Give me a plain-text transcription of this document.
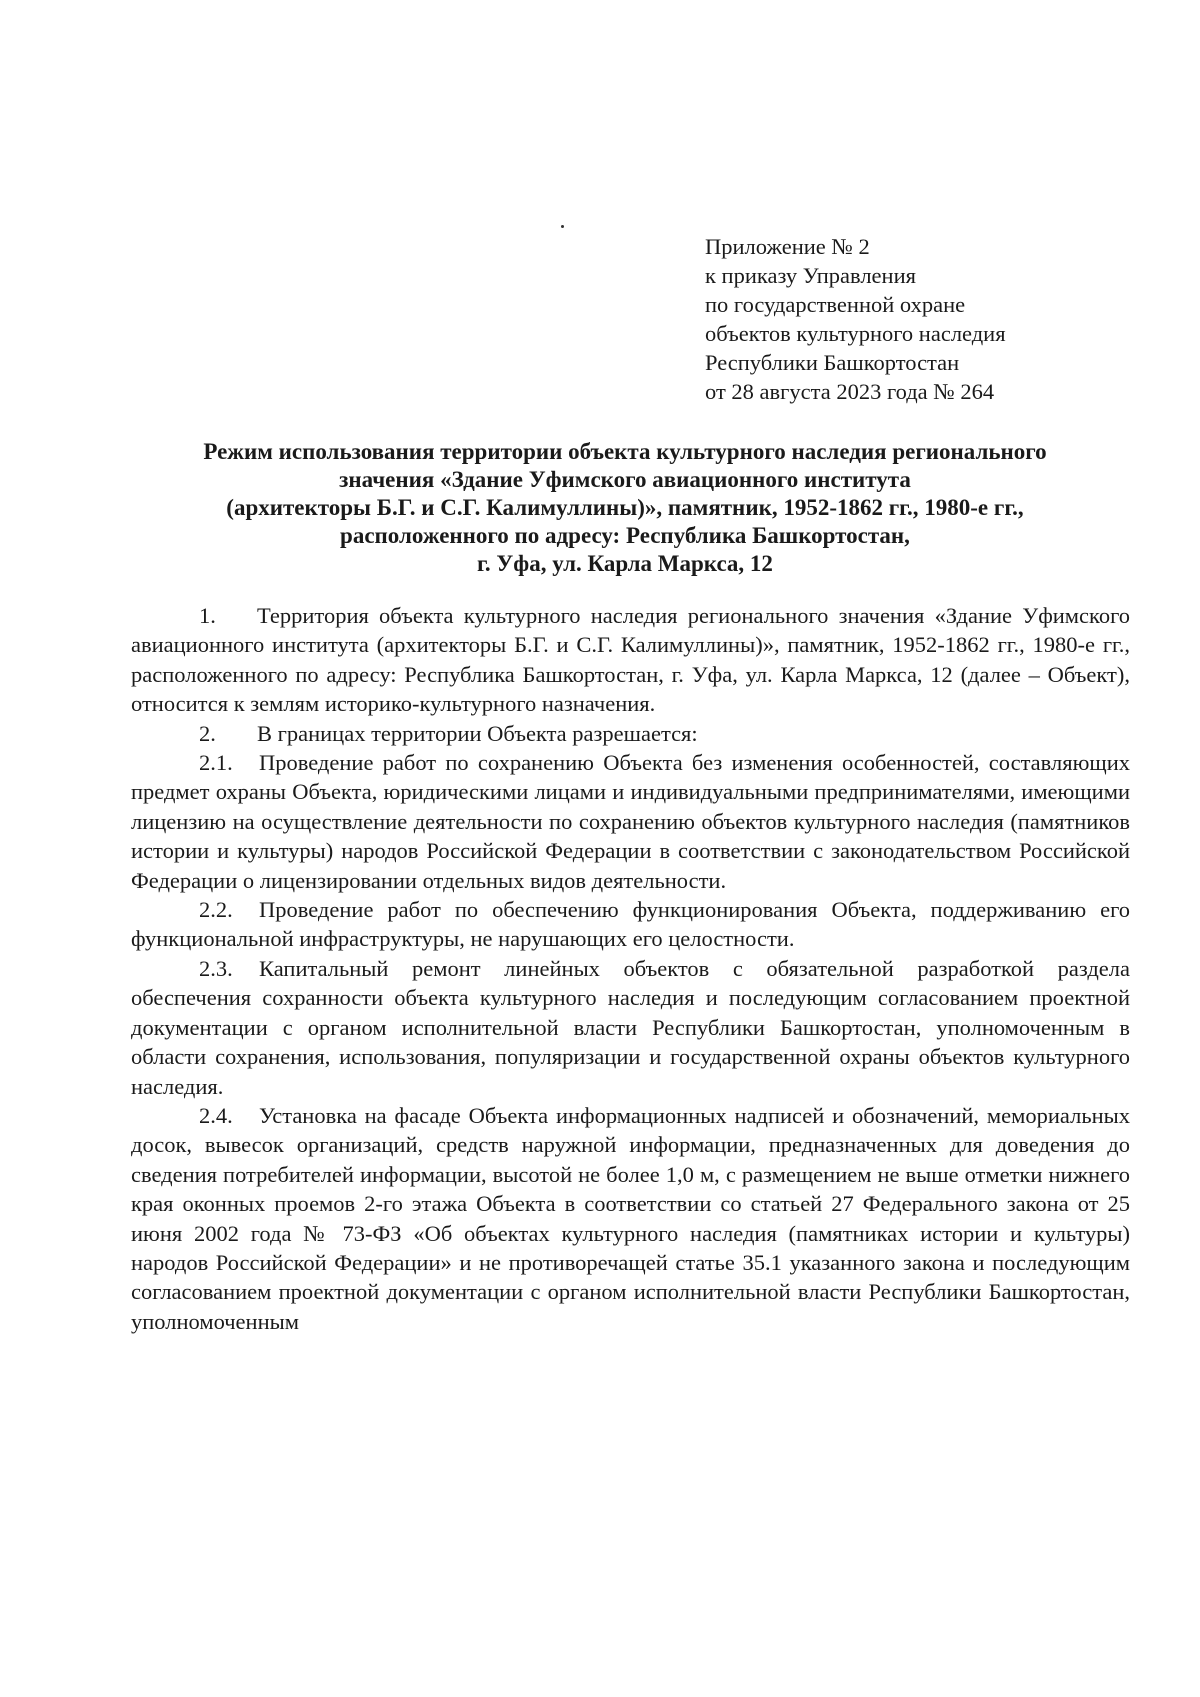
Приложение № 2
к приказу Управления
по государственной охране
объектов культурного наследия
Республики Башкортостан
от 28 августа 2023 года № 264
Режим использования территории объекта культурного наследия регионального
значения «Здание Уфимского авиационного института
(архитекторы Б.Г. и С.Г. Калимуллины)», памятник, 1952-1862 гг., 1980-е гг.,
расположенного по адресу: Республика Башкортостан,
г. Уфа, ул. Карла Маркса, 12

1. Территория объекта культурного наследия регионального значения «Здание Уфимского авиационного института (архитекторы Б.Г. и С.Г. Калимуллины)», памятник, 1952-1862 гг., 1980-е гг., расположенного по адресу: Республика Башкортостан, г. Уфа, ул. Карла Маркса, 12 (далее – Объект), относится к землям историко-культурного назначения.

2. В границах территории Объекта разрешается:

2.1. Проведение работ по сохранению Объекта без изменения особенностей, составляющих предмет охраны Объекта, юридическими лицами и индивидуальными предпринимателями, имеющими лицензию на осуществление деятельности по сохранению объектов культурного наследия (памятников истории и культуры) народов Российской Федерации в соответствии с законодательством Российской Федерации о лицензировании отдельных видов деятельности.

2.2. Проведение работ по обеспечению функционирования Объекта, поддерживанию его функциональной инфраструктуры, не нарушающих его целостности.

2.3. Капитальный ремонт линейных объектов с обязательной разработкой раздела обеспечения сохранности объекта культурного наследия и последующим согласованием проектной документации с органом исполнительной власти Республики Башкортостан, уполномоченным в области сохранения, использования, популяризации и государственной охраны объектов культурного наследия.

2.4. Установка на фасаде Объекта информационных надписей и обозначений, мемориальных досок, вывесок организаций, средств наружной информации, предназначенных для доведения до сведения потребителей информации, высотой не более 1,0 м, с размещением не выше отметки нижнего края оконных проемов 2-го этажа Объекта в соответствии со статьей 27 Федерального закона от 25 июня 2002 года № 73-ФЗ «Об объектах культурного наследия (памятниках истории и культуры) народов Российской Федерации» и не противоречащей статье 35.1 указанного закона и последующим согласованием проектной документации с органом исполнительной власти Республики Башкортостан, уполномоченным
